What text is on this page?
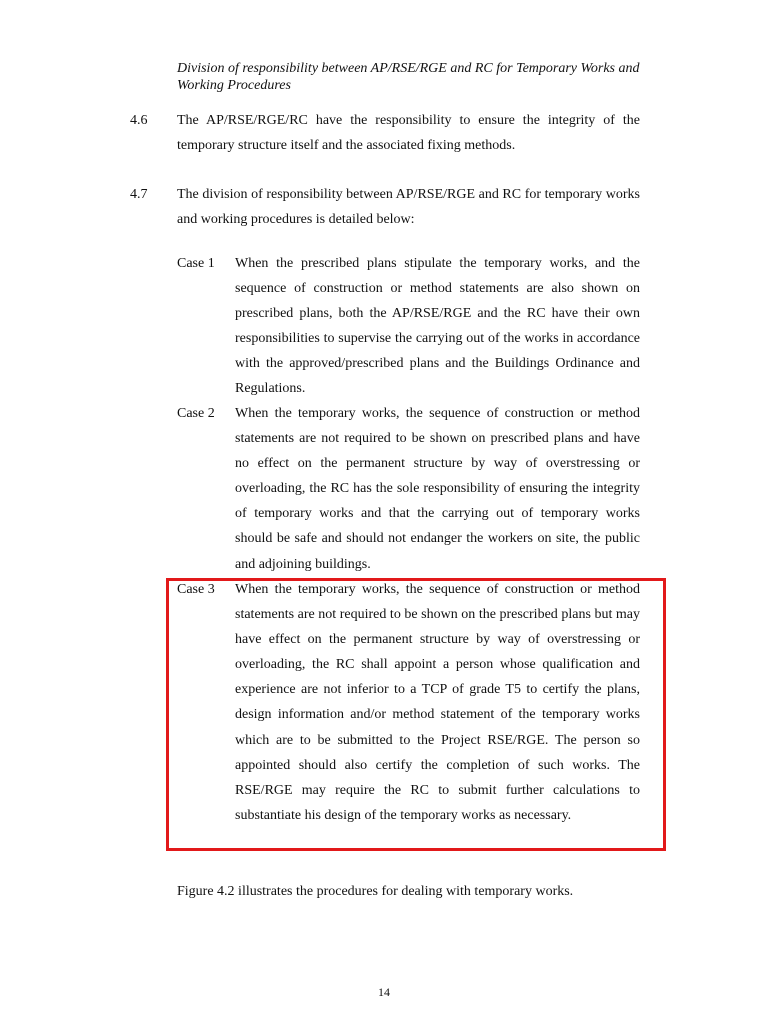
Division of responsibility between AP/RSE/RGE and RC for Temporary Works and Working Procedures
4.6 The AP/RSE/RGE/RC have the responsibility to ensure the integrity of the temporary structure itself and the associated fixing methods.
4.7 The division of responsibility between AP/RSE/RGE and RC for temporary works and working procedures is detailed below:
Case 1 When the prescribed plans stipulate the temporary works, and the sequence of construction or method statements are also shown on prescribed plans, both the AP/RSE/RGE and the RC have their own responsibilities to supervise the carrying out of the works in accordance with the approved/prescribed plans and the Buildings Ordinance and Regulations.
Case 2 When the temporary works, the sequence of construction or method statements are not required to be shown on prescribed plans and have no effect on the permanent structure by way of overstressing or overloading, the RC has the sole responsibility of ensuring the integrity of temporary works and that the carrying out of temporary works should be safe and should not endanger the workers on site, the public and adjoining buildings.
Case 3 When the temporary works, the sequence of construction or method statements are not required to be shown on the prescribed plans but may have effect on the permanent structure by way of overstressing or overloading, the RC shall appoint a person whose qualification and experience are not inferior to a TCP of grade T5 to certify the plans, design information and/or method statement of the temporary works which are to be submitted to the Project RSE/RGE. The person so appointed should also certify the completion of such works. The RSE/RGE may require the RC to submit further calculations to substantiate his design of the temporary works as necessary.
Figure 4.2 illustrates the procedures for dealing with temporary works.
14
